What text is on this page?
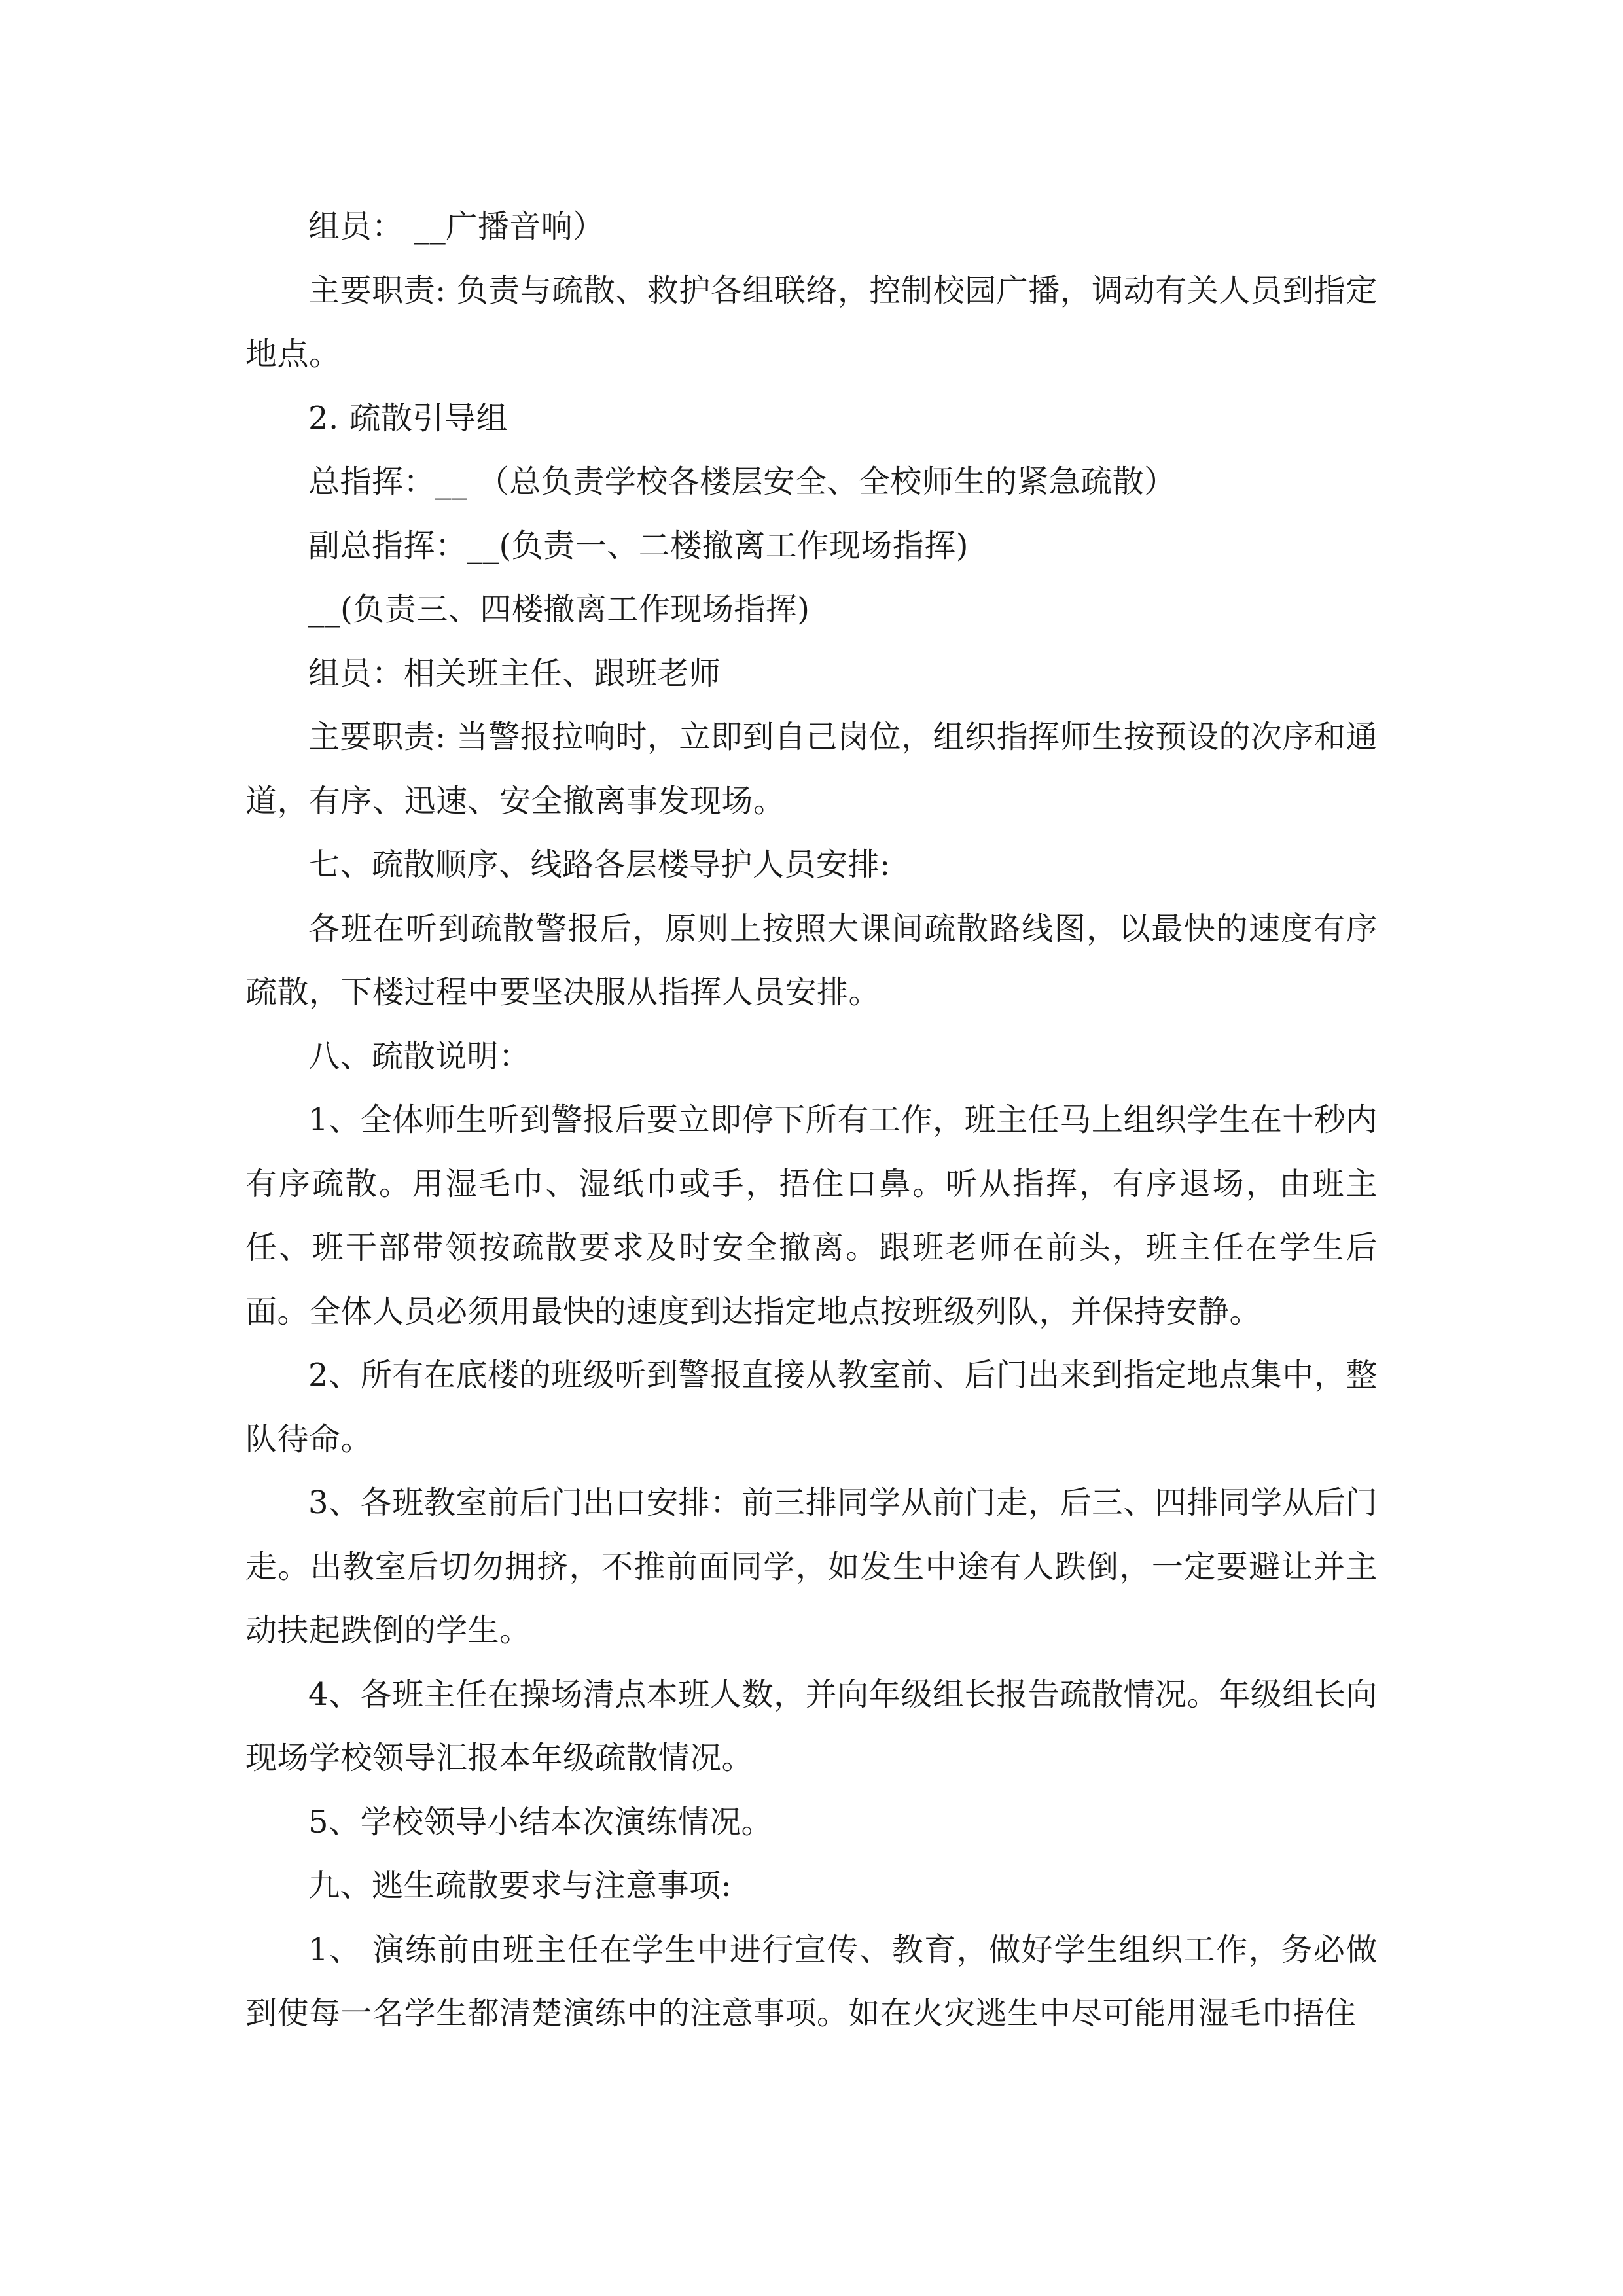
组员： __广播音响）

主要职责: 负责与疏散、救护各组联络，控制校园广播，调动有关人员到指定地点。

2. 疏散引导组

总指挥：__ （总负责学校各楼层安全、全校师生的紧急疏散）

副总指挥：__(负责一、二楼撤离工作现场指挥)

__(负责三、四楼撤离工作现场指挥)

组员：相关班主任、跟班老师

主要职责: 当警报拉响时，立即到自己岗位，组织指挥师生按预设的次序和通道，有序、迅速、安全撤离事发现场。

七、疏散顺序、线路各层楼导护人员安排:

各班在听到疏散警报后，原则上按照大课间疏散路线图，以最快的速度有序疏散，下楼过程中要坚决服从指挥人员安排。

八、疏散说明：

1、全体师生听到警报后要立即停下所有工作，班主任马上组织学生在十秒内有序疏散。用湿毛巾、湿纸巾或手，捂住口鼻。听从指挥，有序退场，由班主任、班干部带领按疏散要求及时安全撤离。跟班老师在前头，班主任在学生后面。全体人员必须用最快的速度到达指定地点按班级列队，并保持安静。

2、所有在底楼的班级听到警报直接从教室前、后门出来到指定地点集中，整队待命。

3、各班教室前后门出口安排：前三排同学从前门走，后三、四排同学从后门走。出教室后切勿拥挤，不推前面同学，如发生中途有人跌倒，一定要避让并主动扶起跌倒的学生。

4、各班主任在操场清点本班人数，并向年级组长报告疏散情况。年级组长向现场学校领导汇报本年级疏散情况。

5、学校领导小结本次演练情况。

九、逃生疏散要求与注意事项:

1、 演练前由班主任在学生中进行宣传、教育，做好学生组织工作，务必做到使每一名学生都清楚演练中的注意事项。如在火灾逃生中尽可能用湿毛巾捂住
